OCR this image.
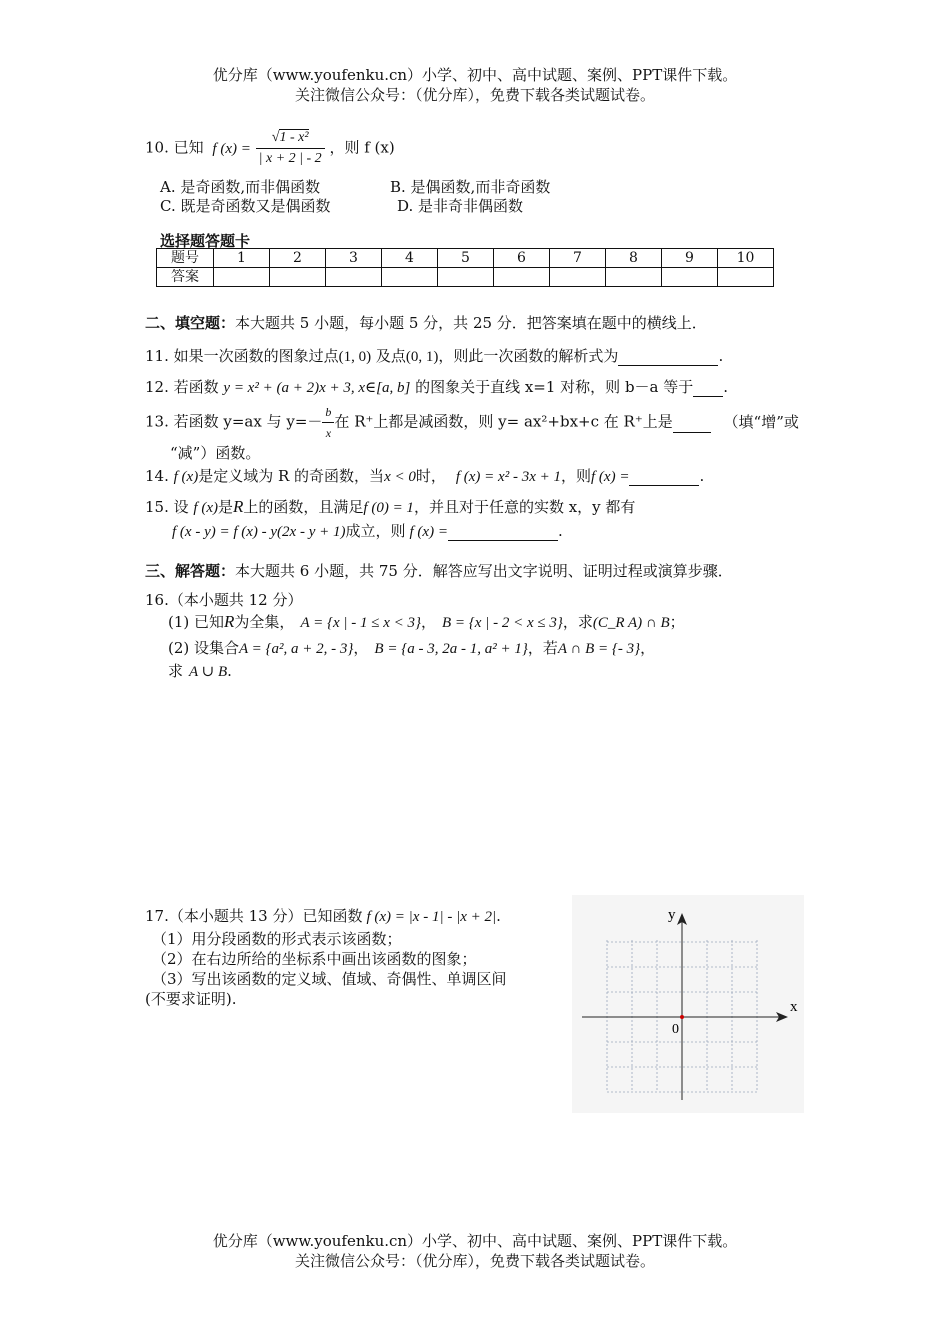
优分库（www.youfenku.cn）小学、初中、高中试题、案例、PPT课件下载。
关注微信公众号：（优分库），免费下载各类试题试卷。
10. 已知 f $(x) = \frac{\text{√1 - x²}}{| x + 2 | - 2}$ ，则 f (x)
A. 是奇函数,而非偶函数	B. 是偶函数,而非奇函数
C. 既是奇函数又是偶函数	D. 是非奇非偶函数
选择题答题卡
题号	1	2	3	4	5	6	7	8	9	10
答案										
二、填空题：本大题共 5 小题，每小题 5 分，共 25 分．把答案填在题中的横线上．
11. 如果一次函数的图象过点(1, 0) 及点(0, 1)，则此一次函数的解析式为	.
12. 若函数 y = x² + (a + 2)x + 3, x∈[a, b] 的图象关于直线 x=1 对称，则 b－a 等于 .
13. 若函数 y=ax 与 $y=- \frac{b}{x}$ 在 R⁺上都是减函数，则 y= ax²+bx+c 在 R⁺上是	（填“增”或
“减”）函数。
14. f (x)是定义域为 R 的奇函数，当x < 0时， f (x) = x² - 3x + 1，则f (x) =	.
15. 设 f (x)是R上的函数，且满足f (0) = 1，并且对于任意的实数 x，y 都有
f (x - y) = f (x) - y(2x - y + 1)成立，则 f (x) =	.
三、解答题：本大题共 6 小题，共 75 分．解答应写出文字说明、证明过程或演算步骤．
16.（本小题共 12 分）
(1) 已知R为全集， A = {x | - 1 ≤ x < 3}， B = {x | - 2 < x ≤ 3}，求(C_R A) ∩ B；
(2) 设集合A = {a², a + 2, - 3}， B = {a - 3, 2a - 1, a² + 1}，若A ∩ B = {- 3}，
求 A ∪ B.
17.（本小题共 13 分）已知函数 f (x) = |x - 1| - |x + 2|.
（1）用分段函数的形式表示该函数；
（2）在右边所给的坐标系中画出该函数的图象；
（3）写出该函数的定义域、值域、奇偶性、单调区间
(不要求证明).	x
y
0
优分库（www.youfenku.cn）小学、初中、高中试题、案例、PPT课件下载。
关注微信公众号：（优分库），免费下载各类试题试卷。
